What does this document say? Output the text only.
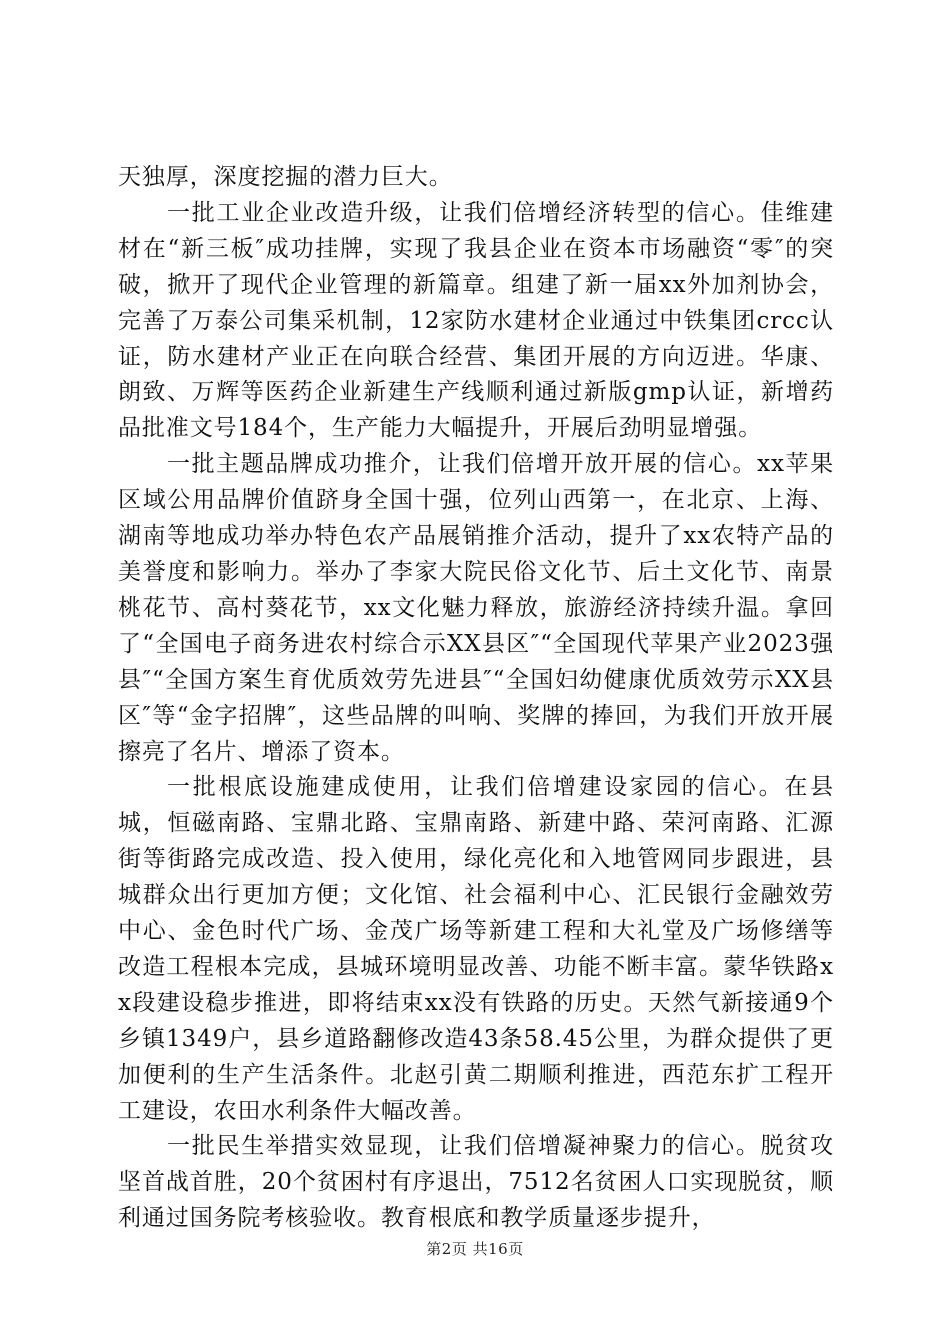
天独厚，深度挖掘的潜力巨大。

一批工业企业改造升级，让我们倍增经济转型的信心。佳维建材在“新三板″成功挂牌，实现了我县企业在资本市场融资“零″的突破，掀开了现代企业管理的新篇章。组建了新一届xx外加剂协会，完善了万泰公司集采机制，12家防水建材企业通过中铁集团crcc认证，防水建材产业正在向联合经营、集团开展的方向迈进。华康、朗致、万辉等医药企业新建生产线顺利通过新版gmp认证，新增药品批准文号184个，生产能力大幅提升，开展后劲明显增强。

一批主题品牌成功推介，让我们倍增开放开展的信心。xx苹果区域公用品牌价值跻身全国十强，位列山西第一，在北京、上海、湖南等地成功举办特色农产品展销推介活动，提升了xx农特产品的美誉度和影响力。举办了李家大院民俗文化节、后土文化节、南景桃花节、高村葵花节，xx文化魅力释放，旅游经济持续升温。拿回了“全国电子商务进农村综合示XX县区″“全国现代苹果产业2023强县″“全国方案生育优质效劳先进县″“全国妇幼健康优质效劳示XX县区″等“金字招牌″，这些品牌的叫响、奖牌的捧回，为我们开放开展擦亮了名片、增添了资本。

一批根底设施建成使用，让我们倍增建设家园的信心。在县城，恒磁南路、宝鼎北路、宝鼎南路、新建中路、荣河南路、汇源街等街路完成改造、投入使用，绿化亮化和入地管网同步跟进，县城群众出行更加方便；文化馆、社会福利中心、汇民银行金融效劳中心、金色时代广场、金茂广场等新建工程和大礼堂及广场修缮等改造工程根本完成，县城环境明显改善、功能不断丰富。蒙华铁路xx段建设稳步推进，即将结束xx没有铁路的历史。天然气新接通9个乡镇1349户，县乡道路翻修改造43条58.45公里，为群众提供了更加便利的生产生活条件。北赵引黄二期顺利推进，西范东扩工程开工建设，农田水利条件大幅改善。

一批民生举措实效显现，让我们倍增凝神聚力的信心。脱贫攻坚首战首胜，20个贫困村有序退出，7512名贫困人口实现脱贫，顺利通过国务院考核验收。教育根底和教学质量逐步提升，

第2页 共16页
